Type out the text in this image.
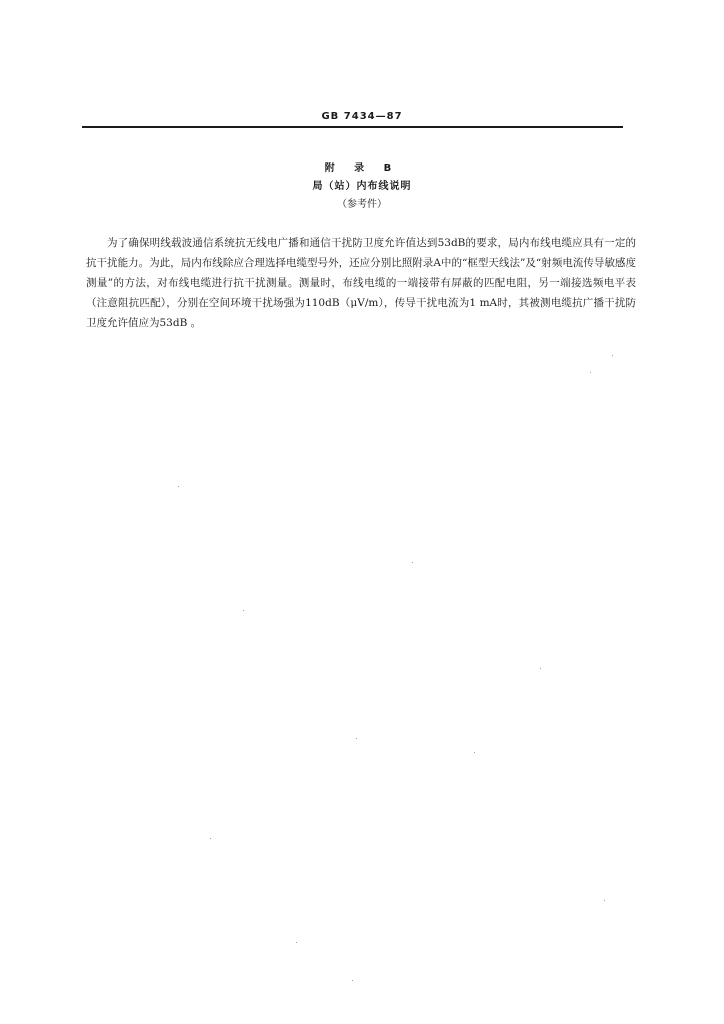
GB 7434—87
附 录 B
局（站）内布线说明
（参考件）

为了确保明线载波通信系统抗无线电广播和通信干扰防卫度允许值达到53dB的要求，局内布线电缆应具有一定的抗干扰能力。为此，局内布线除应合理选择电缆型号外，还应分别比照附录A中的“框型天线法”及“射频电流传导敏感度测量”的方法，对布线电缆进行抗干扰测量。测量时，布线电缆的一端接带有屏蔽的匹配电阻，另一端接选频电平表（注意阻抗匹配），分别在空间环境干扰场强为110dB（μV/m），传导干扰电流为1 mA时，其被测电缆抗广播干扰防卫度允许值应为53dB 。
